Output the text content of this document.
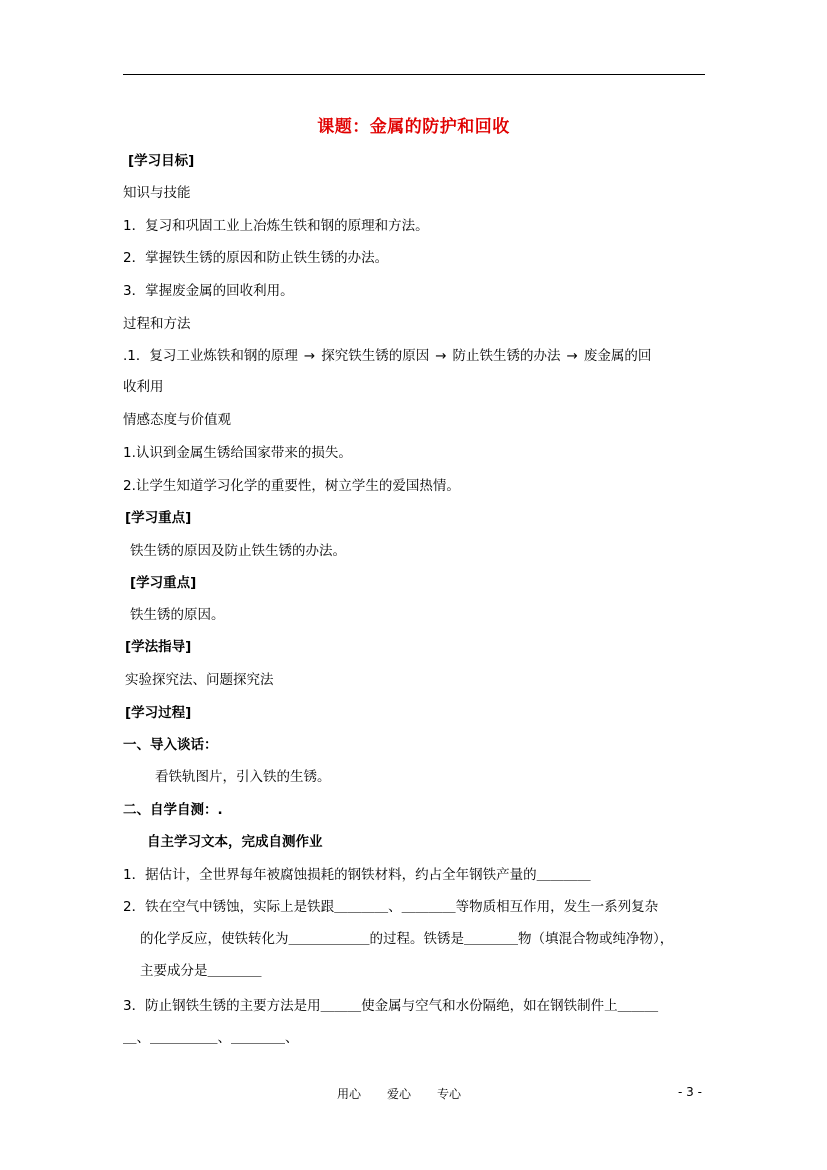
课题：金属的防护和回收
[学习目标]
知识与技能
1．复习和巩固工业上冶炼生铁和钢的原理和方法。
2．掌握铁生锈的原因和防止铁生锈的办法。
3．掌握废金属的回收利用。
过程和方法
.1．复习工业炼铁和钢的原理 → 探究铁生锈的原因 → 防止铁生锈的办法 → 废金属的回
收利用
情感态度与价值观
1.认识到金属生锈给国家带来的损失。
2.让学生知道学习化学的重要性，树立学生的爱国热情。
[学习重点]
铁生锈的原因及防止铁生锈的办法。
[学习重点]
铁生锈的原因。
[学法指导]
实验探究法、问题探究法
[学习过程]
一、导入谈话：
看铁轨图片，引入铁的生锈。
二、自学自测：.
自主学习文本，完成自测作业
1．据估计，全世界每年被腐蚀损耗的钢铁材料，约占全年钢铁产量的＿＿＿＿
2．铁在空气中锈蚀，实际上是铁跟＿＿＿＿、＿＿＿＿等物质相互作用，发生一系列复杂
的化学反应，使铁转化为＿＿＿＿＿＿的过程。铁锈是＿＿＿＿物（填混合物或纯净物），
主要成分是＿＿＿＿
3．防止钢铁生锈的主要方法是用＿＿＿使金属与空气和水份隔绝，如在钢铁制件上＿＿＿
＿、＿＿＿＿＿、＿＿＿＿、
用心 爱心 专心	- 3 -
